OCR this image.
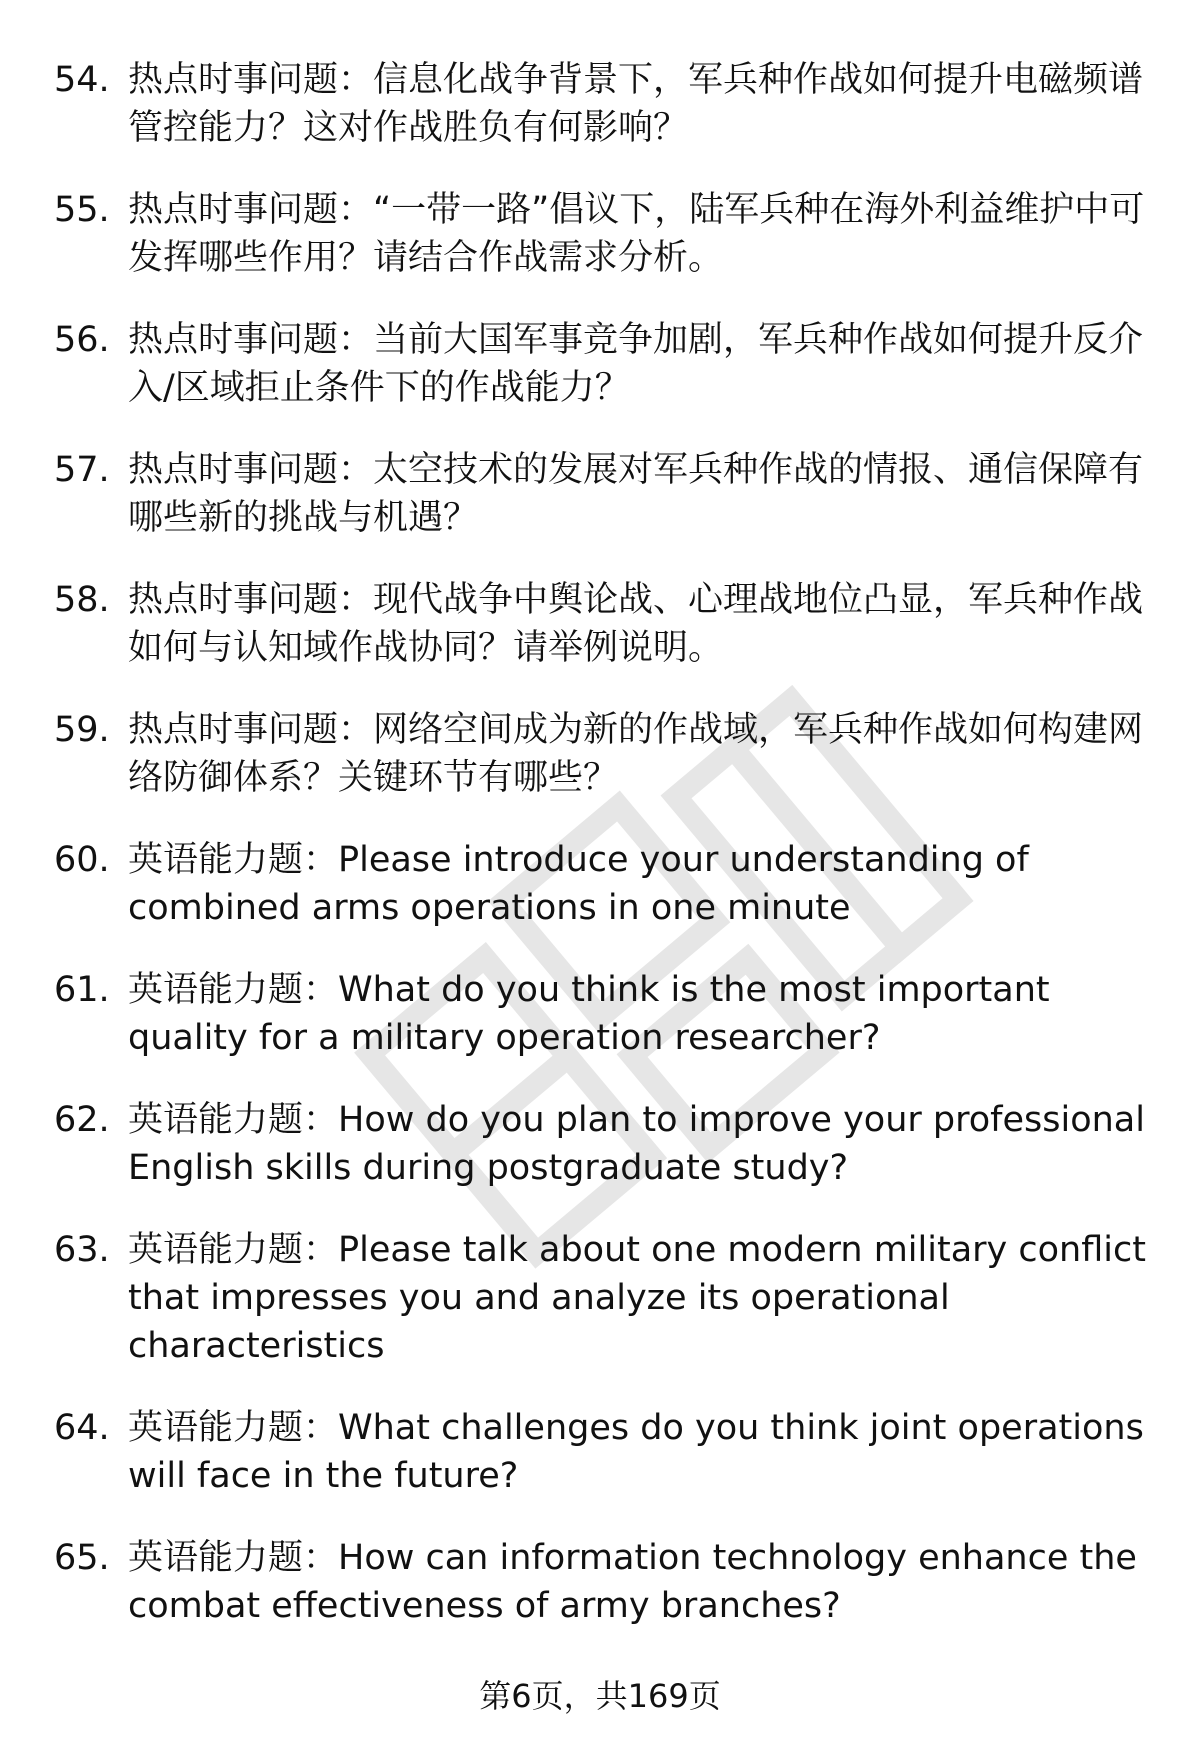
54. 热点时事问题：信息化战争背景下，军兵种作战如何提升电磁频谱管控能力？这对作战胜负有何影响？
55. 热点时事问题：“一带一路”倡议下，陆军兵种在海外利益维护中可发挥哪些作用？请结合作战需求分析。
56. 热点时事问题：当前大国军事竞争加剧，军兵种作战如何提升反介入/区域拒止条件下的作战能力？
57. 热点时事问题：太空技术的发展对军兵种作战的情报、通信保障有哪些新的挑战与机遇？
58. 热点时事问题：现代战争中舆论战、心理战地位凸显，军兵种作战如何与认知域作战协同？请举例说明。
59. 热点时事问题：网络空间成为新的作战域，军兵种作战如何构建网络防御体系？关键环节有哪些？
60. 英语能力题：Please introduce your understanding of combined arms operations in one minute
61. 英语能力题：What do you think is the most important quality for a military operation researcher?
62. 英语能力题：How do you plan to improve your professional English skills during postgraduate study?
63. 英语能力题：Please talk about one modern military conflict that impresses you and analyze its operational characteristics
64. 英语能力题：What challenges do you think joint operations will face in the future?
65. 英语能力题：How can information technology enhance the combat effectiveness of army branches?
第6页，共169页
